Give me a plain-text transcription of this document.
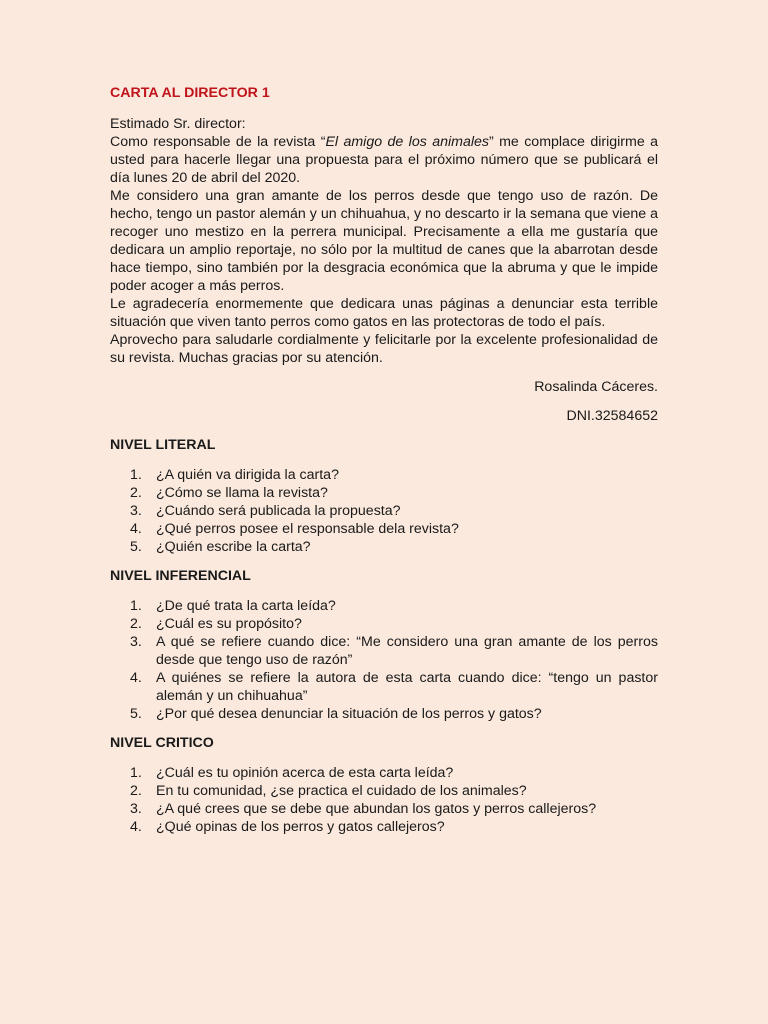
CARTA AL DIRECTOR 1

Estimado Sr. director:

Como responsable de la revista “El amigo de los animales” me complace dirigirme a usted para hacerle llegar una propuesta para el próximo número que se publicará el día lunes 20 de abril del 2020.

Me considero una gran amante de los perros desde que tengo uso de razón. De hecho, tengo un pastor alemán y un chihuahua, y no descarto ir la semana que viene a recoger uno mestizo en la perrera municipal. Precisamente a ella me gustaría que dedicara un amplio reportaje, no sólo por la multitud de canes que la abarrotan desde hace tiempo, sino también por la desgracia económica que la abruma y que le impide poder acoger a más perros.

Le agradecería enormemente que dedicara unas páginas a denunciar esta terrible situación que viven tanto perros como gatos en las protectoras de todo el país.

Aprovecho para saludarle cordialmente y felicitarle por la excelente profesionalidad de su revista. Muchas gracias por su atención.

Rosalinda Cáceres.

DNI.32584652

NIVEL LITERAL

1. ¿A quién va dirigida la carta?
2. ¿Cómo se llama la revista?
3. ¿Cuándo será publicada la propuesta?
4. ¿Qué perros posee el responsable dela revista?
5. ¿Quién escribe la carta?

NIVEL INFERENCIAL

1. ¿De qué trata la carta leída?
2. ¿Cuál es su propósito?
3. A qué se refiere cuando dice: “Me considero una gran amante de los perros desde que tengo uso de razón”
4. A quiénes se refiere la autora de esta carta cuando dice: “tengo un pastor alemán y un chihuahua”
5. ¿Por qué desea denunciar la situación de los perros y gatos?

NIVEL CRITICO

1. ¿Cuál es tu opinión acerca de esta carta leída?
2. En tu comunidad, ¿se practica el cuidado de los animales?
3. ¿A qué crees que se debe que abundan los gatos y perros callejeros?
4. ¿Qué opinas de los perros y gatos callejeros?
